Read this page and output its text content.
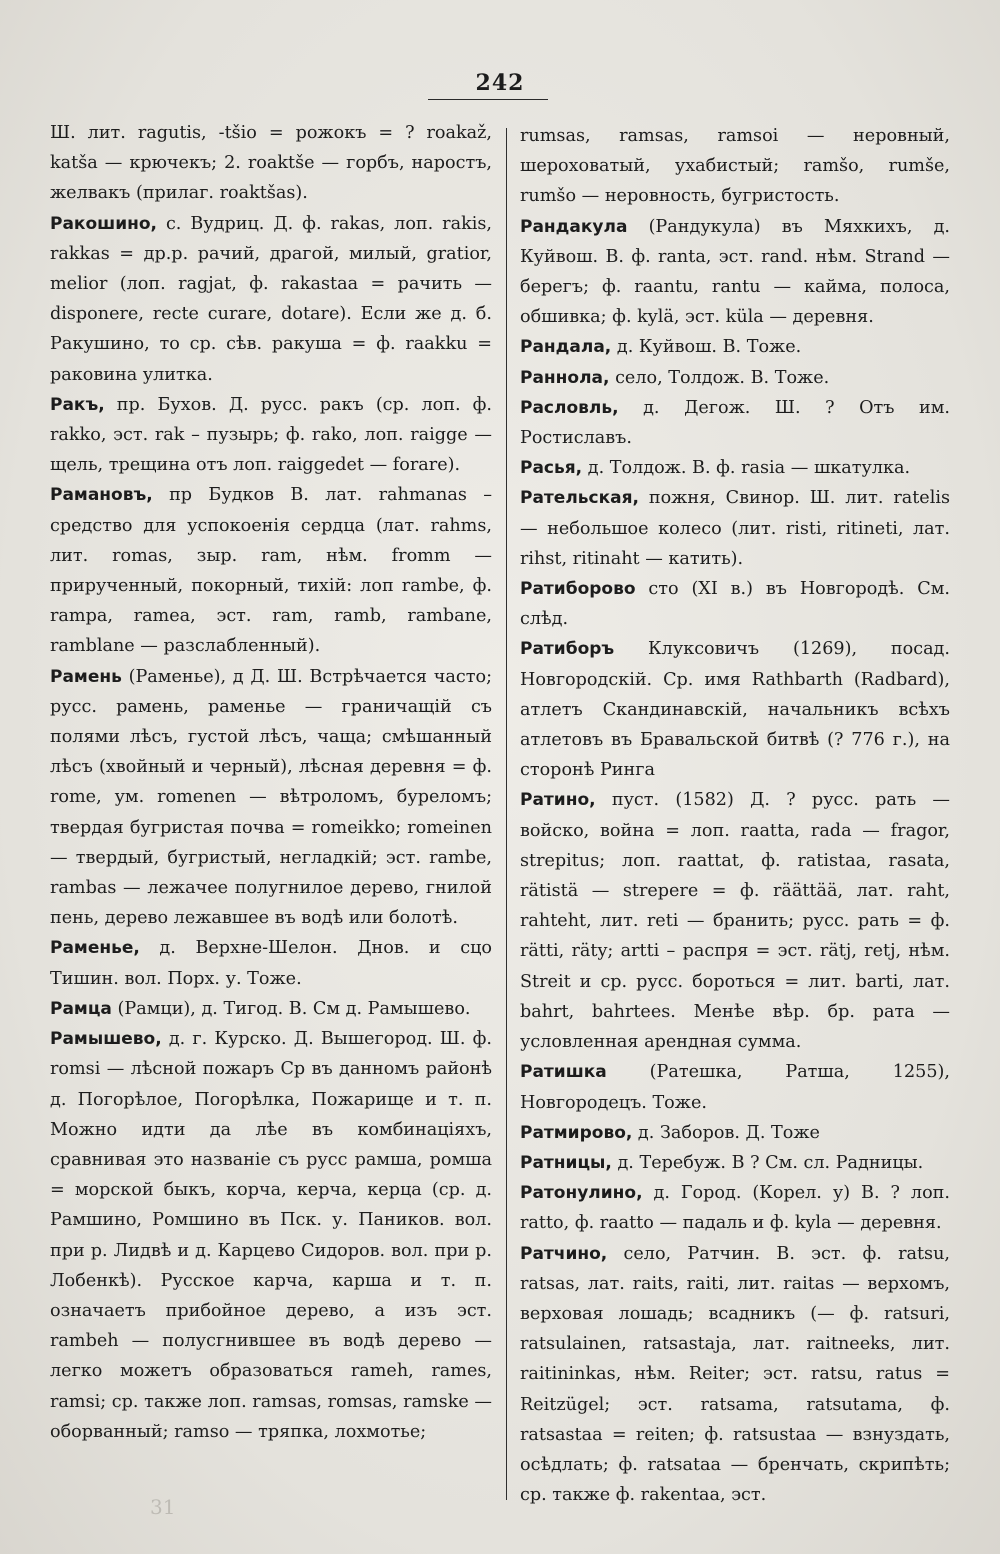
242

Ш. лит. ragutis, -tšio = рожокъ = ? roakaž, katša — крючекъ; 2. roaktše — горбъ, наростъ, желвакъ (прилаг. roaktšas).

Ракошино, с. Вудриц. Д. ф. rakas, лоп. rakis, rakkas = др.р. рачий, драгой, милый, gratior, melior (лоп. ragjat, ф. rakastaa = рачить — disponere, recte curare, dotare). Если же д. б. Ракушино, то ср. сѣв. ракуша = ф. raakku = раковина улитка.

Ракъ, пр. Бухов. Д. русс. ракъ (ср. лоп. ф. rakko, эст. rak – пузырь; ф. rako, лоп. raigge — щель, трещина отъ лоп. raiggedet — forare).

Рамановъ, пр Будков В. лат. rahmanas – средство для успокоенія сердца (лат. rahms, лит. romas, зыр. ram, нѣм. fromm — прирученный, покорный, тихій: лоп rambe, ф. rampa, ramea, эст. ram, ramb, rambane, ramblane — разслабленный).

Рамень (Раменье), д Д. Ш. Встрѣчается часто; русс. рамень, раменье — граничащій съ полями лѣсъ, густой лѣсъ, чаща; смѣшанный лѣсъ (хвойный и черный), лѣсная деревня = ф. rome, ум. romenen — вѣтроломъ, буреломъ; твердая бугристая почва = romeikko; romeinen — твердый, бугристый, негладкій; эст. rambe, rambas — лежачее полугнилое дерево, гнилой пень, дерево лежавшее въ водѣ или болотѣ.

Раменье, д. Верхне-Шелон. Днов. и сцо Тишин. вол. Порх. у. Тоже.

Рамца (Рамци), д. Тигод. В. См д. Рамышево.

Рамышево, д. г. Курско. Д. Вышегород. Ш. ф. romsi — лѣсной пожаръ Ср въ данномъ районѣ д. Погорѣлое, Погорѣлка, Пожарище и т. п. Можно идти да лѣе въ комбинаціяхъ, сравнивая это названіе съ русс рамша, ромша = морской быкъ, корча, керча, керца (ср. д. Рамшино, Ромшино въ Пск. у. Паников. вол. при р. Лидвѣ и д. Карцево Сидоров. вол. при р. Лобенкѣ). Русское карча, карша и т. п. означаетъ прибойное дерево, а изъ эст. rambeh — полусгнившее въ водѣ дерево — легко можетъ образоваться rameh, rames, ramsi; ср. также лоп. ramsas, romsas, ramske — оборванный; ramso — тряпка, лохмотье;

rumsas, ramsas, ramsoi — неровный, шероховатый, ухабистый; ramšo, rumše, rumšo — неровность, бугристость.

Рандакула (Рандукула) въ Мяхкихъ, д. Куйвош. В. ф. ranta, эст. rand. нѣм. Strand — берегъ; ф. raantu, rantu — кайма, полоса, обшивка; ф. kylä, эст. küla — деревня.

Рандала, д. Куйвош. В. Тоже.

Раннола, село, Толдож. В. Тоже.

Расловль, д. Дегож. Ш. ? Отъ им. Ростиславъ.

Расья, д. Толдож. В. ф. rasia — шкатулка.

Рательская, пожня, Свинор. Ш. лит. ratelis — небольшое колесо (лит. risti, ritineti, лат. rihst, ritinaht — катить).

Ратиборово сто (XI в.) въ Новгородѣ. См. слѣд.

Ратиборъ Клуксовичъ (1269), посад. Новгородскій. Ср. имя Rathbarth (Radbard), атлетъ Скандинавскій, начальникъ всѣхъ атлетовъ въ Бравальской битвѣ (? 776 г.), на сторонѣ Ринга

Ратино, пуст. (1582) Д. ? русс. рать — войско, война = лоп. raatta, rada — fragor, strepitus; лоп. raattat, ф. ratistaa, rasata, rätistä — strepere = ф. räättää, лат. raht, rahteht, лит. reti — бранить; русс. рать = ф. rätti, räty; artti – распря = эст. rätj, retj, нѣм. Streit и ср. русс. бороться = лит. barti, лат. bahrt, bahrtees. Менѣе вѣр. бр. рата — условленная арендная сумма.

Ратишка (Ратешка, Ратша, 1255), Новгородецъ. Тоже.

Ратмирово, д. Заборов. Д. Тоже

Ратницы, д. Теребуж. В ? См. сл. Радницы.

Ратонулино, д. Город. (Корел. у) В. ? лоп. ratto, ф. raatto — падаль и ф. kyla — деревня.

Ратчино, село, Ратчин. В. эст. ф. ratsu, ratsas, лат. raits, raiti, лит. raitas — верхомъ, верховая лошадь; всадникъ (— ф. ratsuri, ratsulainen, ratsastaja, лат. raitneeks, лит. raitininkas, нѣм. Reiter; эст. ratsu, ratus = Reitzügel; эст. ratsama, ratsutama, ф. ratsastaa = reiten; ф. ratsustaa — взнуздать, осѣдлать; ф. ratsataa — бренчать, скрипѣть; ср. также ф. rakentaa, эст.

31
